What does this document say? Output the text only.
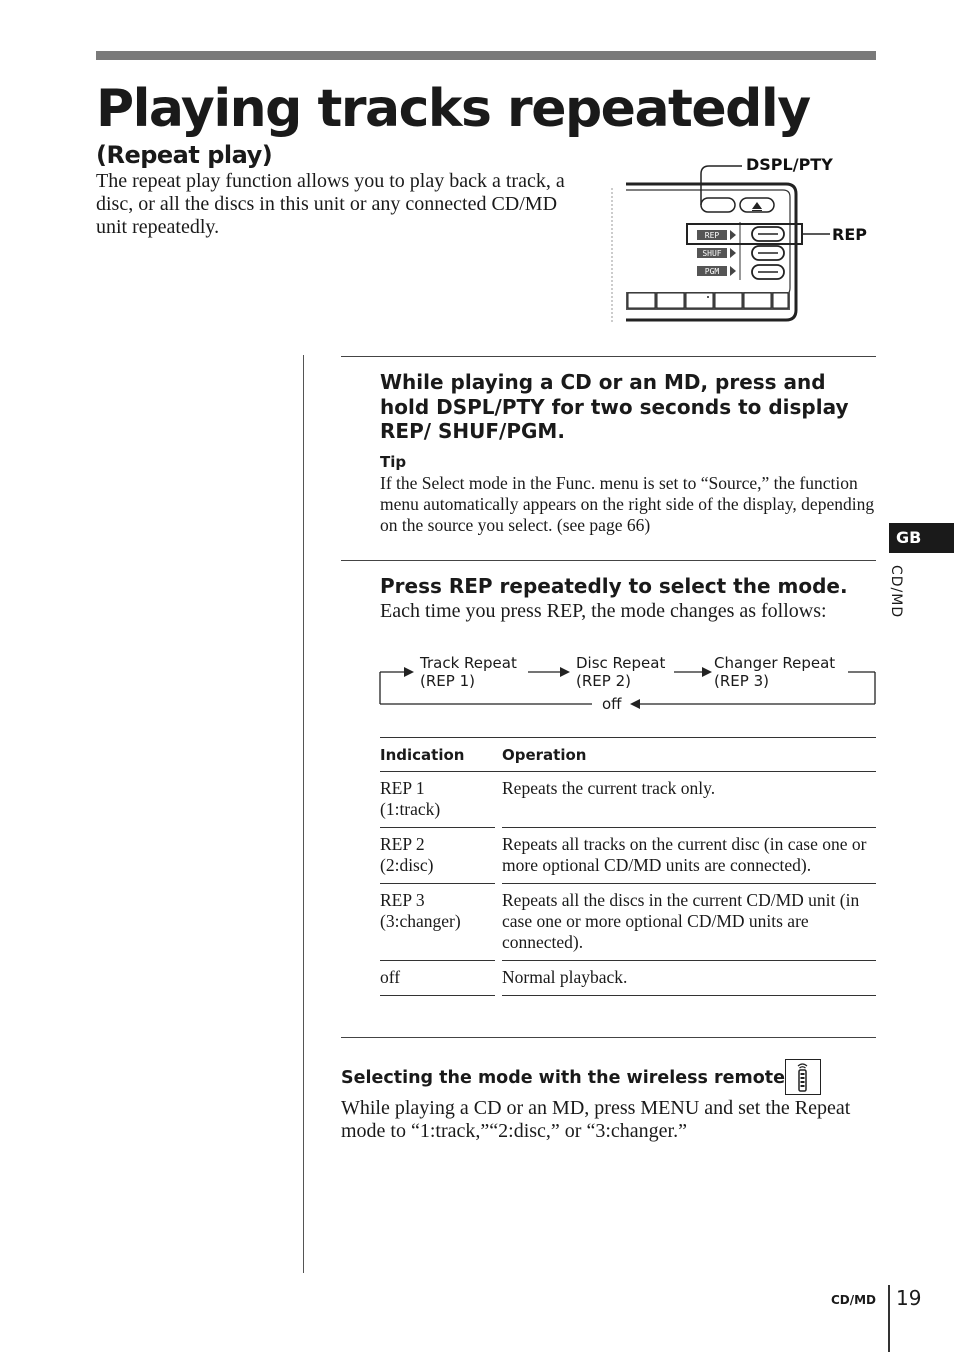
Playing tracks repeatedly
(Repeat play)

The repeat play function allows you to play back a track, a disc, or all the discs in this unit or any connected CD/MD unit repeatedly.	REP
SHUF
PGM
DSPL/PTY
REP

While playing a CD or an MD, press and hold DSPL/PTY for two seconds to display REP/ SHUF/PGM.

Tip

If the Select mode in the Func. menu is set to “Source,” the function menu automatically appears on the right side of the display, depending on the source you select. (see page 66)

Press REP repeatedly to select the mode.

Each time you press REP, the mode changes as follows:

Track Repeat
(REP 1)
Disc Repeat
(REP 2)
Changer Repeat
(REP 3)
off
Indication		Operation
REP 1
(1:track)		Repeats the current track only.
REP 2
(2:disc)		Repeats all tracks on the current disc (in case one or more optional CD/MD units are connected).
REP 3
(3:changer)		Repeats all the discs in the current CD/MD unit (in case one or more optional CD/MD units are connected).
off		Normal playback.

Selecting the mode with the wireless remote

While playing a CD or an MD, press MENU and set the Repeat mode to “1:track,”“2:disc,” or “3:changer.”

GB
CD/MD
CD/MD 19
